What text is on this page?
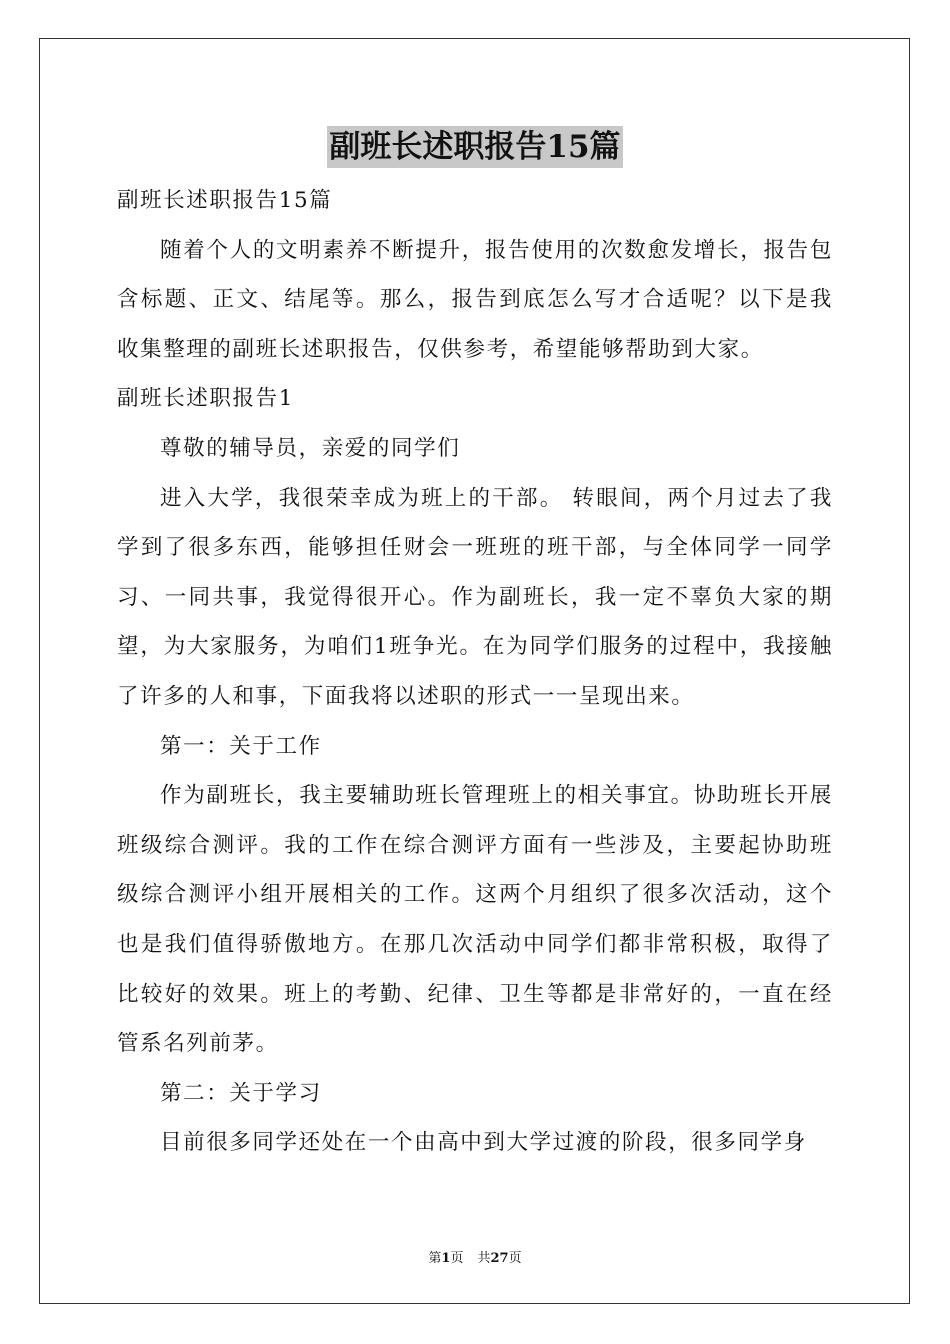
副班长述职报告15篇

副班长述职报告15篇

随着个人的文明素养不断提升，报告使用的次数愈发增长，报告包含标题、正文、结尾等。那么，报告到底怎么写才合适呢？以下是我收集整理的副班长述职报告，仅供参考，希望能够帮助到大家。

副班长述职报告1

尊敬的辅导员，亲爱的同学们

进入大学，我很荣幸成为班上的干部。 转眼间，两个月过去了我学到了很多东西，能够担任财会一班班的班干部，与全体同学一同学习、一同共事，我觉得很开心。作为副班长，我一定不辜负大家的期望，为大家服务，为咱们1班争光。在为同学们服务的过程中，我接触了许多的人和事，下面我将以述职的形式一一呈现出来。

第一：关于工作

作为副班长，我主要辅助班长管理班上的相关事宜。协助班长开展班级综合测评。我的工作在综合测评方面有一些涉及，主要起协助班级综合测评小组开展相关的工作。这两个月组织了很多次活动，这个也是我们值得骄傲地方。在那几次活动中同学们都非常积极，取得了比较好的效果。班上的考勤、纪律、卫生等都是非常好的，一直在经管系名列前茅。

第二：关于学习

目前很多同学还处在一个由高中到大学过渡的阶段，很多同学身

第1页 共27页
